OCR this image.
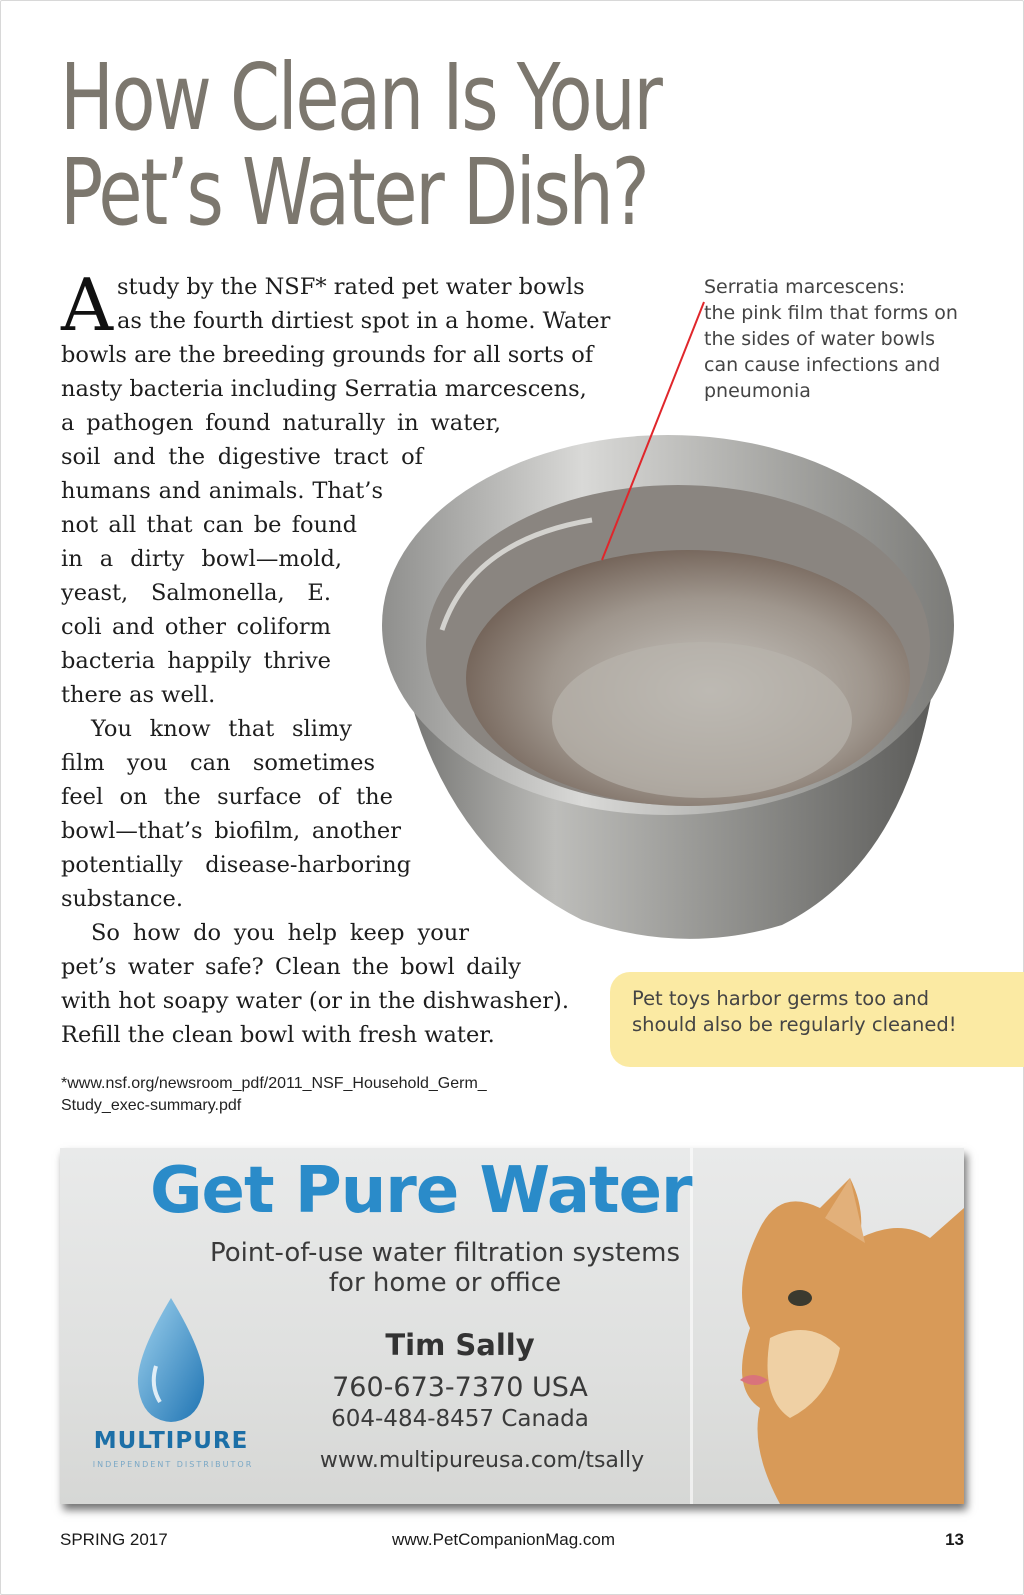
How Clean Is Your
Pet’s Water Dish?
A study by the NSF* rated pet water bowls
as the fourth dirtiest spot in a home. Water
bowls are the breeding grounds for all sorts of
nasty bacteria including Serratia marcescens,
a pathogen found naturally in water,
soil and the digestive tract of
humans and animals. That’s
not all that can be found
in a dirty bowl—mold,
yeast, Salmonella, E.
coli and other coliform
bacteria happily thrive
there as well.
You know that slimy
film you can sometimes
feel on the surface of the
bowl—that’s biofilm, another
potentially disease-harboring
substance.
So how do you help keep your
pet’s water safe? Clean the bowl daily
with hot soapy water (or in the dishwasher).
Refill the clean bowl with fresh water.
*www.nsf.org/newsroom_pdf/2011_NSF_Household_Germ_
Study_exec-summary.pdf
Serratia marcescens:
the pink film that forms on
the sides of water bowls
can cause infections and
pneumonia
Pet toys harbor germs too and
should also be regularly cleaned!
Get Pure Water
Point-of-use water filtration systems
for home or office
MULTIPURE
INDEPENDENT DISTRIBUTOR
Tim Sally
760-673-7370 USA
604-484-8457 Canada
www.multipureusa.com/tsally
SPRING 2017	www.PetCompanionMag.com	13
